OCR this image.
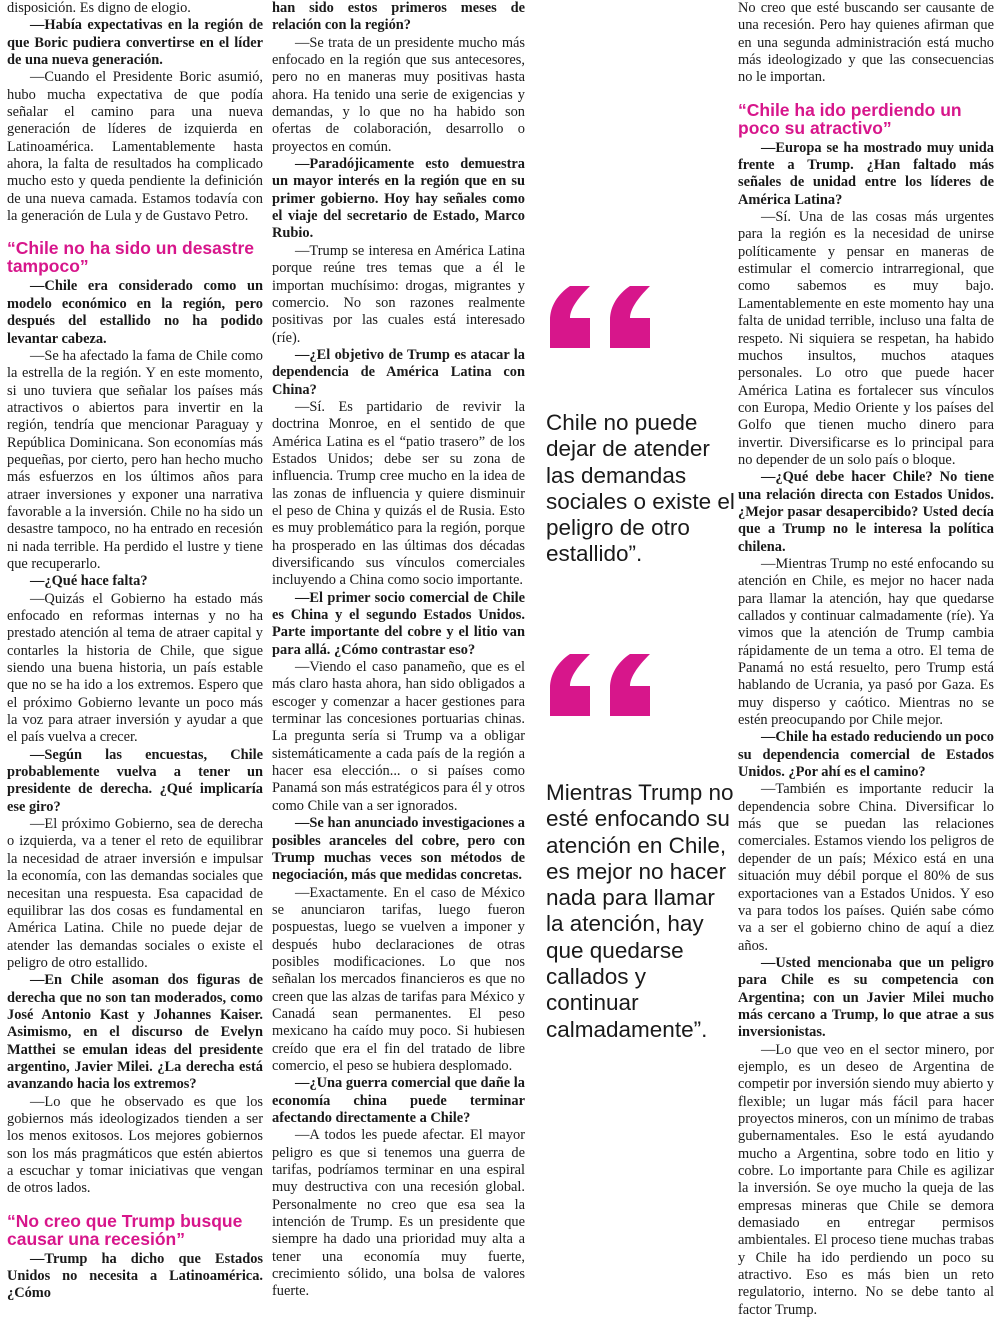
disposición. Es digno de elogio.

—Había expectativas en la región de que Boric pudiera convertirse en el líder de una nueva generación.

—Cuando el Presidente Boric asumió, hubo mucha expectativa de que podía señalar el camino para una nueva generación de líderes de izquierda en Latinoamérica. Lamentablemente hasta ahora, la falta de resultados ha complicado mucho esto y queda pendiente la definición de una nueva camada. Estamos todavía con la generación de Lula y de Gustavo Petro.

“Chile no ha sido un desastre tampoco”

—Chile era considerado como un modelo económico en la región, pero después del estallido no ha podido levantar cabeza.

—Se ha afectado la fama de Chile como la estrella de la región. Y en este momento, si uno tuviera que señalar los países más atractivos o abiertos para invertir en la región, tendría que mencionar Paraguay y República Dominicana. Son economías más pequeñas, por cierto, pero han hecho mucho más esfuerzos en los últimos años para atraer inversiones y exponer una narrativa favorable a la inversión. Chile no ha sido un desastre tampoco, no ha entrado en recesión ni nada terrible. Ha perdido el lustre y tiene que recuperarlo.

—¿Qué hace falta?

—Quizás el Gobierno ha estado más enfocado en reformas internas y no ha prestado atención al tema de atraer capital y contarles la historia de Chile, que sigue siendo una buena historia, un país estable que no se ha ido a los extremos. Espero que el próximo Gobierno levante un poco más la voz para atraer inversión y ayudar a que el país vuelva a crecer.

—Según las encuestas, Chile probablemente vuelva a tener un presidente de derecha. ¿Qué implicaría ese giro?

—El próximo Gobierno, sea de derecha o izquierda, va a tener el reto de equilibrar la necesidad de atraer inversión e impulsar la economía, con las demandas sociales que necesitan una respuesta. Esa capacidad de equilibrar las dos cosas es fundamental en América Latina. Chile no puede dejar de atender las demandas sociales o existe el peligro de otro estallido.

—En Chile asoman dos figuras de derecha que no son tan moderados, como José Antonio Kast y Johannes Kaiser. Asimismo, en el discurso de Evelyn Matthei se emulan ideas del presidente argentino, Javier Milei. ¿La derecha está avanzando hacia los extremos?

—Lo que he observado es que los gobiernos más ideologizados tienden a ser los menos exitosos. Los mejores gobiernos son los más pragmáticos que estén abiertos a escuchar y tomar iniciativas que vengan de otros lados.

“No creo que Trump busque causar una recesión”

—Trump ha dicho que Estados Unidos no necesita a Latinoamérica. ¿Cómo

han sido estos primeros meses de relación con la región?

—Se trata de un presidente mucho más enfocado en la región que sus antecesores, pero no en maneras muy positivas hasta ahora. Ha tenido una serie de exigencias y demandas, y lo que no ha habido son ofertas de colaboración, desarrollo o proyectos en común.

—Paradójicamente esto demuestra un mayor interés en la región que en su primer gobierno. Hoy hay señales como el viaje del secretario de Estado, Marco Rubio.

—Trump se interesa en América Latina porque reúne tres temas que a él le importan muchísimo: drogas, migrantes y comercio. No son razones realmente positivas por las cuales está interesado (ríe).

—¿El objetivo de Trump es atacar la dependencia de América Latina con China?

—Sí. Es partidario de revivir la doctrina Monroe, en el sentido de que América Latina es el “patio trasero” de los Estados Unidos; debe ser su zona de influencia. Trump cree mucho en la idea de las zonas de influencia y quiere disminuir el peso de China y quizás el de Rusia. Esto es muy problemático para la región, porque ha prosperado en las últimas dos décadas diversificando sus vínculos comerciales incluyendo a China como socio importante.

—El primer socio comercial de Chile es China y el segundo Estados Unidos. Parte importante del cobre y el litio van para allá. ¿Cómo contrastar eso?

—Viendo el caso panameño, que es el más claro hasta ahora, han sido obligados a escoger y comenzar a hacer gestiones para terminar las concesiones portuarias chinas. La pregunta sería si Trump va a obligar sistemáticamente a cada país de la región a hacer esa elección... o si países como Panamá son más estratégicos para él y otros como Chile van a ser ignorados.

—Se han anunciado investigaciones a posibles aranceles del cobre, pero con Trump muchas veces son métodos de negociación, más que medidas concretas.

—Exactamente. En el caso de México se anunciaron tarifas, luego fueron pospuestas, luego se vuelven a imponer y después hubo declaraciones de otras posibles modificaciones. Lo que nos señalan los mercados financieros es que no creen que las alzas de tarifas para México y Canadá sean permanentes. El peso mexicano ha caído muy poco. Si hubiesen creído que era el fin del tratado de libre comercio, el peso se hubiera desplomado.

—¿Una guerra comercial que dañe la economía china puede terminar afectando directamente a Chile?

—A todos les puede afectar. El mayor peligro es que si tenemos una guerra de tarifas, podríamos terminar en una espiral muy destructiva con una recesión global. Personalmente no creo que esa sea la intención de Trump. Es un presidente que siempre ha dado una prioridad muy alta a tener una economía muy fuerte, crecimiento sólido, una bolsa de valores fuerte.

Chile no puede dejar de atender las demandas sociales o existe el peligro de otro estallido”.
Mientras Trump no esté enfocando su atención en Chile, es mejor no hacer nada para llamar la atención, hay que quedarse callados y continuar calmadamente”.

No creo que esté buscando ser causante de una recesión. Pero hay quienes afirman que en una segunda administración está mucho más ideologizado y que las consecuencias no le importan.

“Chile ha ido perdiendo un poco su atractivo”

—Europa se ha mostrado muy unida frente a Trump. ¿Han faltado más señales de unidad entre los líderes de América Latina?

—Sí. Una de las cosas más urgentes para la región es la necesidad de unirse políticamente y pensar en maneras de estimular el comercio intrarregional, que como sabemos es muy bajo. Lamentablemente en este momento hay una falta de unidad terrible, incluso una falta de respeto. Ni siquiera se respetan, ha habido muchos insultos, muchos ataques personales. Lo otro que puede hacer América Latina es fortalecer sus vínculos con Europa, Medio Oriente y los países del Golfo que tienen mucho dinero para invertir. Diversificarse es lo principal para no depender de un solo país o bloque.

—¿Qué debe hacer Chile? No tiene una relación directa con Estados Unidos. ¿Mejor pasar desapercibido? Usted decía que a Trump no le interesa la política chilena.

—Mientras Trump no esté enfocando su atención en Chile, es mejor no hacer nada para llamar la atención, hay que quedarse callados y continuar calmadamente (ríe). Ya vimos que la atención de Trump cambia rápidamente de un tema a otro. El tema de Panamá no está resuelto, pero Trump está hablando de Ucrania, ya pasó por Gaza. Es muy disperso y caótico. Mientras no se estén preocupando por Chile mejor.

—Chile ha estado reduciendo un poco su dependencia comercial de Estados Unidos. ¿Por ahí es el camino?

—También es importante reducir la dependencia sobre China. Diversificar lo más que se puedan las relaciones comerciales. Estamos viendo los peligros de depender de un país; México está en una situación muy débil porque el 80% de sus exportaciones van a Estados Unidos. Y eso va para todos los países. Quién sabe cómo va a ser el gobierno chino de aquí a diez años.

—Usted mencionaba que un peligro para Chile es su competencia con Argentina; con un Javier Milei mucho más cercano a Trump, lo que atrae a sus inversionistas.

—Lo que veo en el sector minero, por ejemplo, es un deseo de Argentina de competir por inversión siendo muy abierto y flexible; un lugar más fácil para hacer proyectos mineros, con un mínimo de trabas gubernamentales. Eso le está ayudando mucho a Argentina, sobre todo en litio y cobre. Lo importante para Chile es agilizar la inversión. Se oye mucho la queja de las empresas mineras que Chile se demora demasiado en entregar permisos ambientales. El proceso tiene muchas trabas y Chile ha ido perdiendo un poco su atractivo. Eso es más bien un reto regulatorio, interno. No se debe tanto al factor Trump.
